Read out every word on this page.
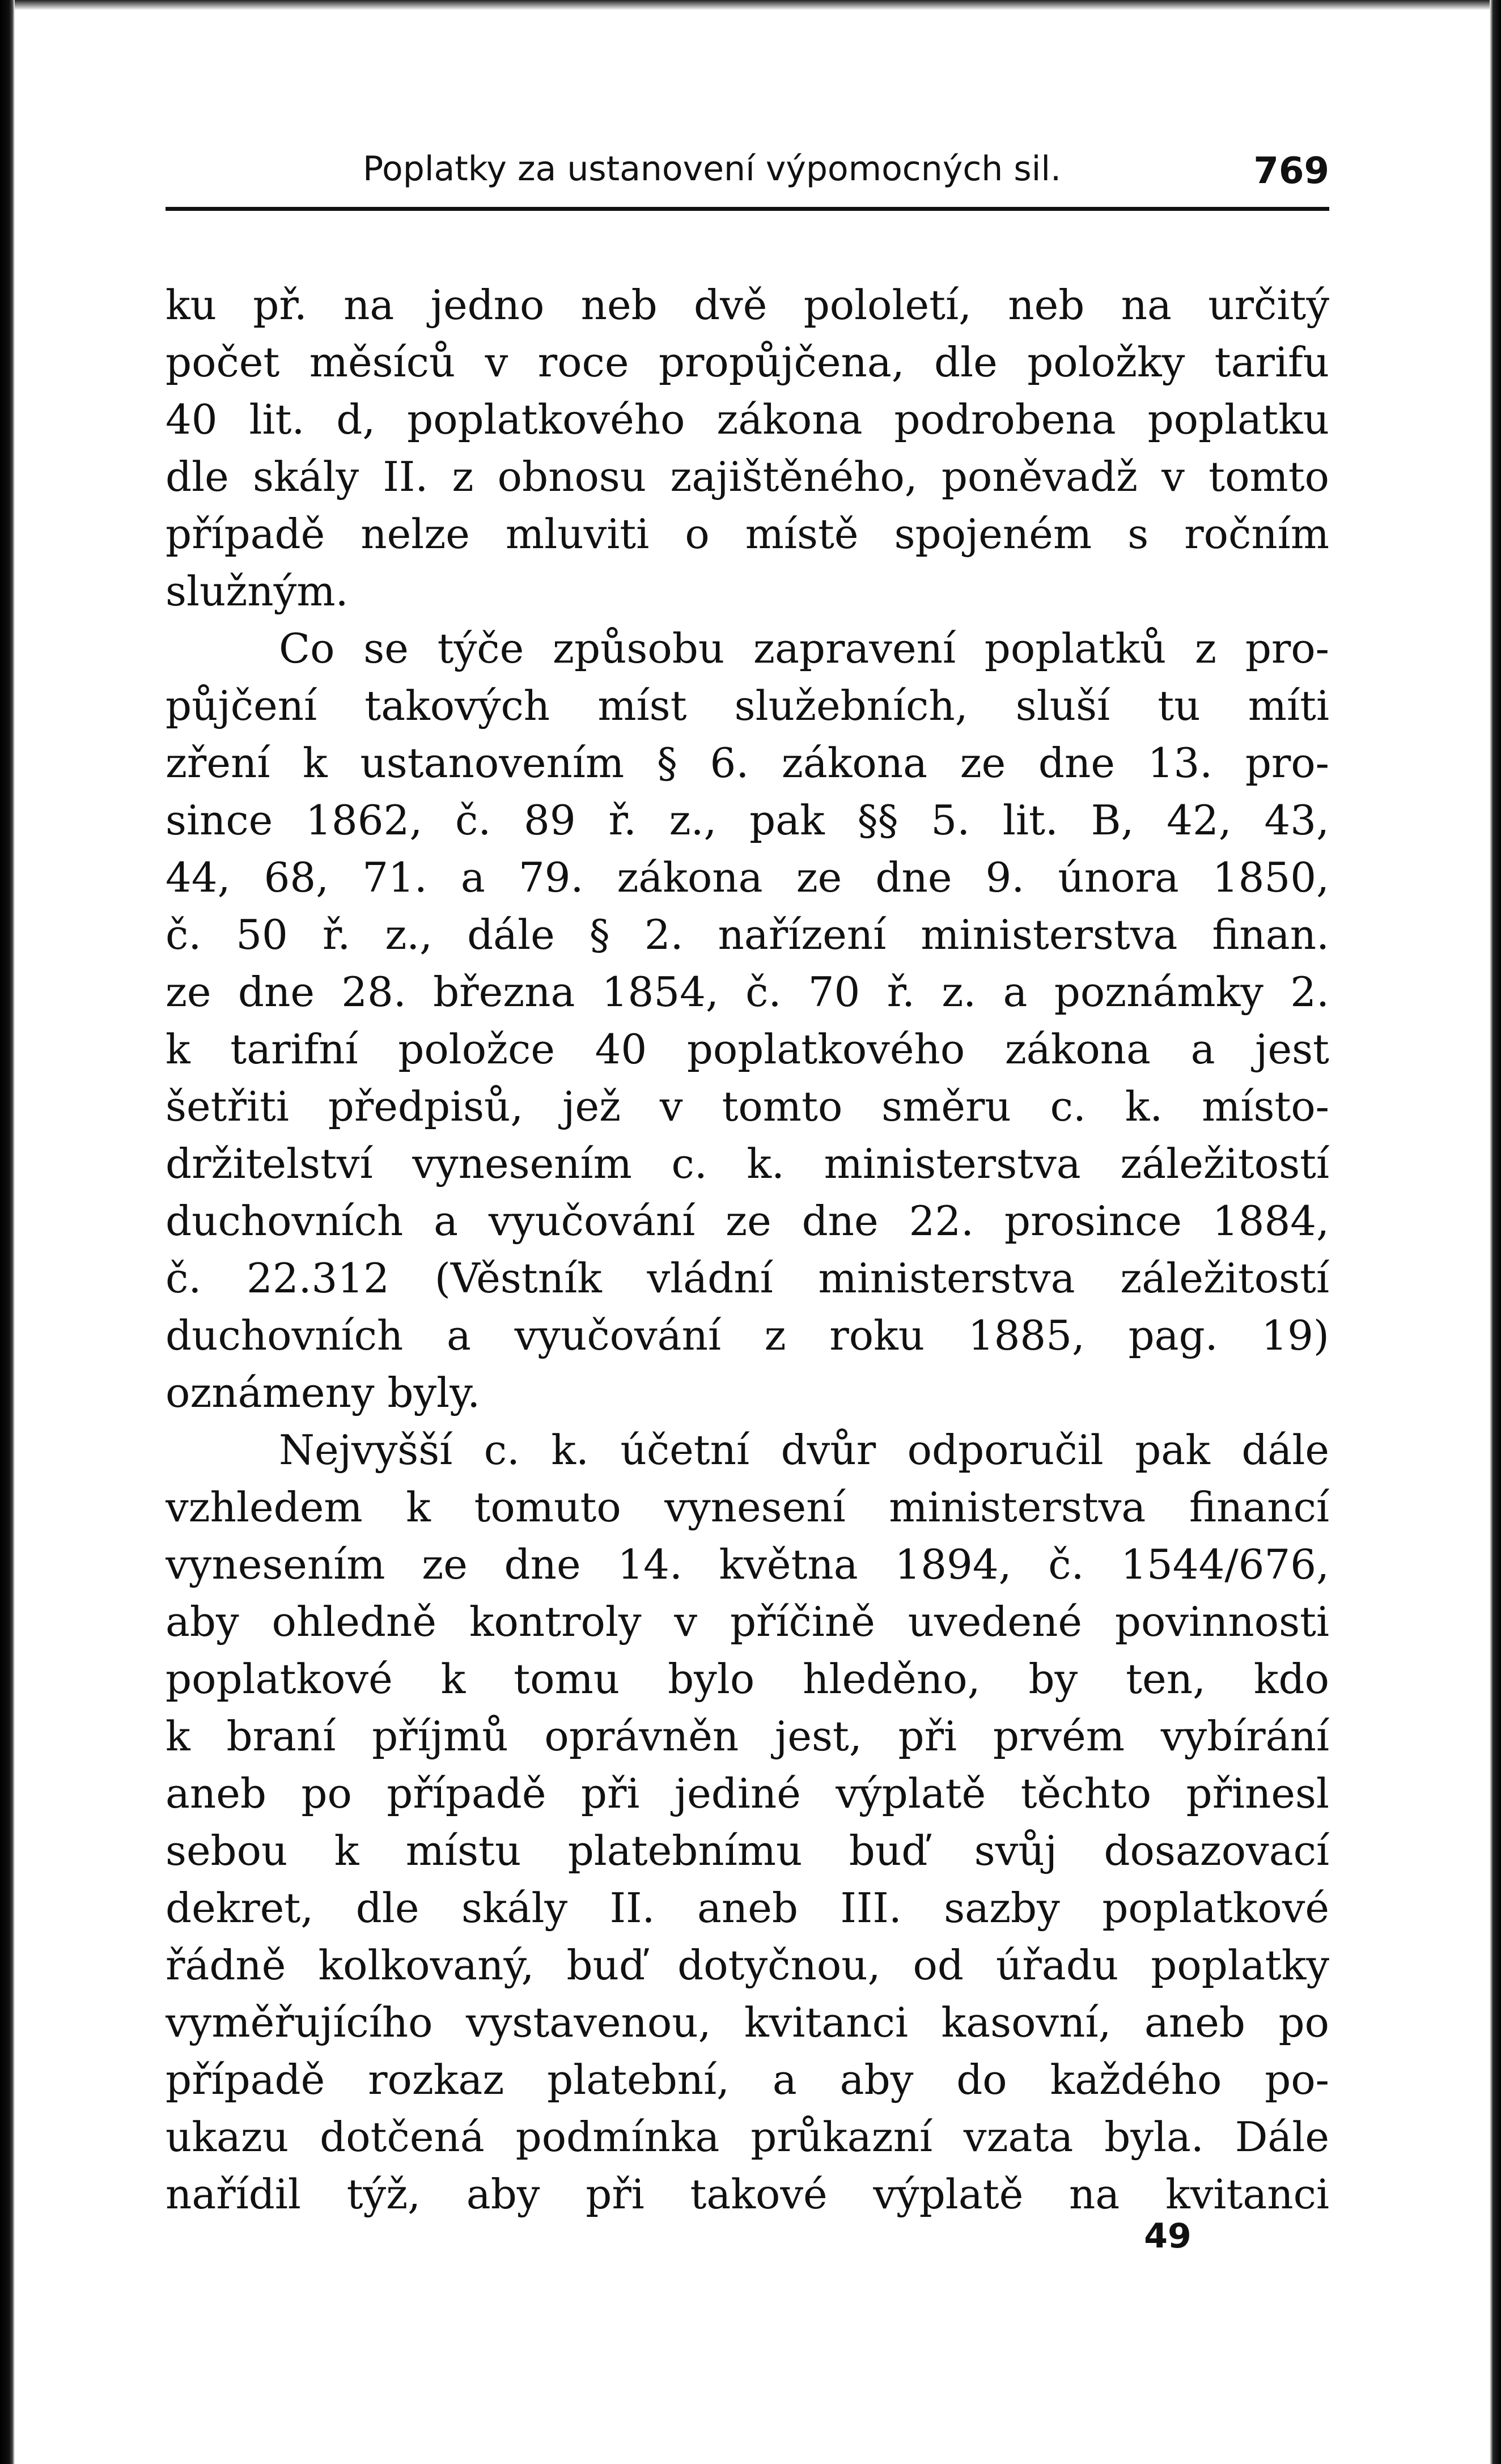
Poplatky za ustanovení výpomocných sil.	769
ku př. na jedno neb dvě pololetí, neb na určitý
počet měsíců v roce propůjčena, dle položky tarifu
40 lit. d, poplatkového zákona podrobena poplatku
dle skály II. z obnosu zajištěného, poněvadž v tomto
případě nelze mluviti o místě spojeném s ročním
služným.
Co se týče způsobu zapravení poplatků z pro-
půjčení takových míst služebních, sluší tu míti
zření k ustanovením § 6. zákona ze dne 13. pro-
since 1862, č. 89 ř. z., pak §§ 5. lit. B, 42, 43,
44, 68, 71. a 79. zákona ze dne 9. února 1850,
č. 50 ř. z., dále § 2. nařízení ministerstva finan.
ze dne 28. března 1854, č. 70 ř. z. a poznámky 2.
k tarifní položce 40 poplatkového zákona a jest
šetřiti předpisů, jež v tomto směru c. k. místo-
držitelství vynesením c. k. ministerstva záležitostí
duchovních a vyučování ze dne 22. prosince 1884,
č. 22.312 (Věstník vládní ministerstva záležitostí
duchovních a vyučování z roku 1885, pag. 19)
oznámeny byly.
Nejvyšší c. k. účetní dvůr odporučil pak dále
vzhledem k tomuto vynesení ministerstva financí
vynesením ze dne 14. května 1894, č. 1544/676,
aby ohledně kontroly v příčině uvedené povinnosti
poplatkové k tomu bylo hleděno, by ten, kdo
k braní příjmů oprávněn jest, při prvém vybírání
aneb po případě při jediné výplatě těchto přinesl
sebou k místu platebnímu buď svůj dosazovací
dekret, dle skály II. aneb III. sazby poplatkové
řádně kolkovaný, buď dotyčnou, od úřadu poplatky
vyměřujícího vystavenou, kvitanci kasovní, aneb po
případě rozkaz platební, a aby do každého po-
ukazu dotčená podmínka průkazní vzata byla. Dále
nařídil týž, aby při takové výplatě na kvitanci
49
